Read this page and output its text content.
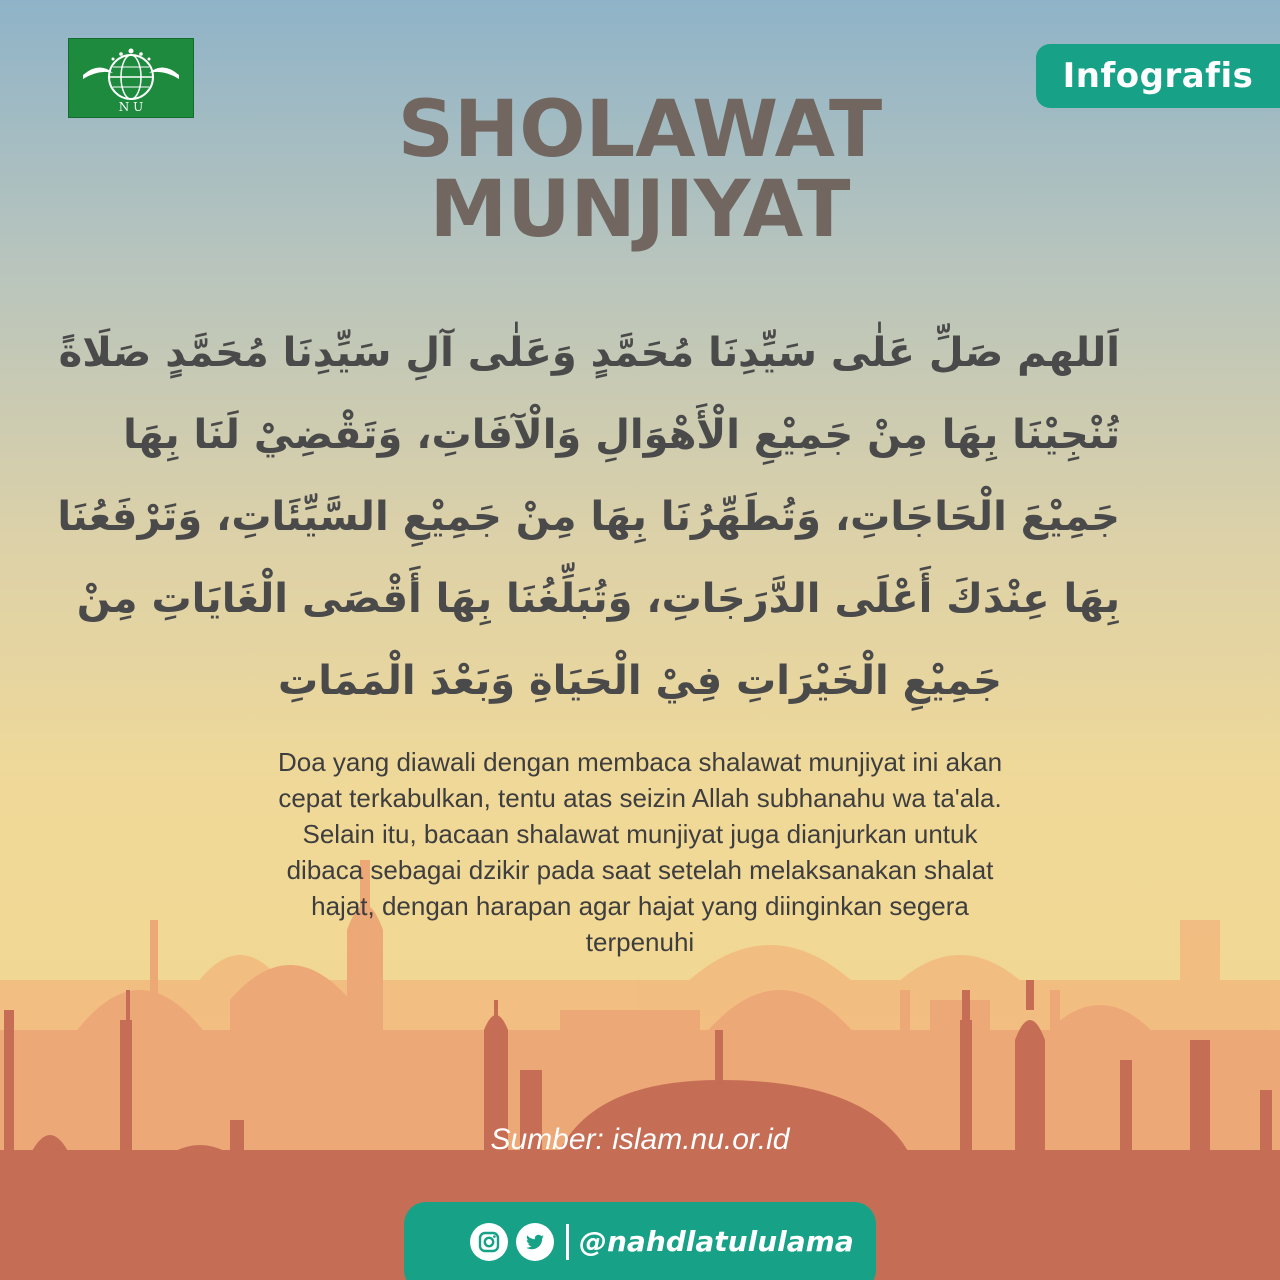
N U
Infografis
SHOLAWAT
MUNJIYAT
اَللهم صَلِّ عَلٰى سَيِّدِنَا مُحَمَّدٍ وَعَلٰى آلِ سَيِّدِنَا مُحَمَّدٍ صَلَاةً
تُنْجِيْنَا بِهَا مِنْ جَمِيْعِ الْأَهْوَالِ وَالْآفَاتِ، وَتَقْضِيْ لَنَا بِهَا
جَمِيْعَ الْحَاجَاتِ، وَتُطَهِّرُنَا بِهَا مِنْ جَمِيْعِ السَّيِّئَاتِ، وَتَرْفَعُنَا
بِهَا عِنْدَكَ أَعْلَى الدَّرَجَاتِ، وَتُبَلِّغُنَا بِهَا أَقْصَى الْغَايَاتِ مِنْ
جَمِيْعِ الْخَيْرَاتِ فِيْ الْحَيَاةِ وَبَعْدَ الْمَمَاتِ
Doa yang diawali dengan membaca shalawat munjiyat ini akan
cepat terkabulkan, tentu atas seizin Allah subhanahu wa ta'ala.
Selain itu, bacaan shalawat munjiyat juga dianjurkan untuk
dibaca sebagai dzikir pada saat setelah melaksanakan shalat
hajat, dengan harapan agar hajat yang diinginkan segera
terpenuhi
Sumber: islam.nu.or.id
@nahdlatululama
